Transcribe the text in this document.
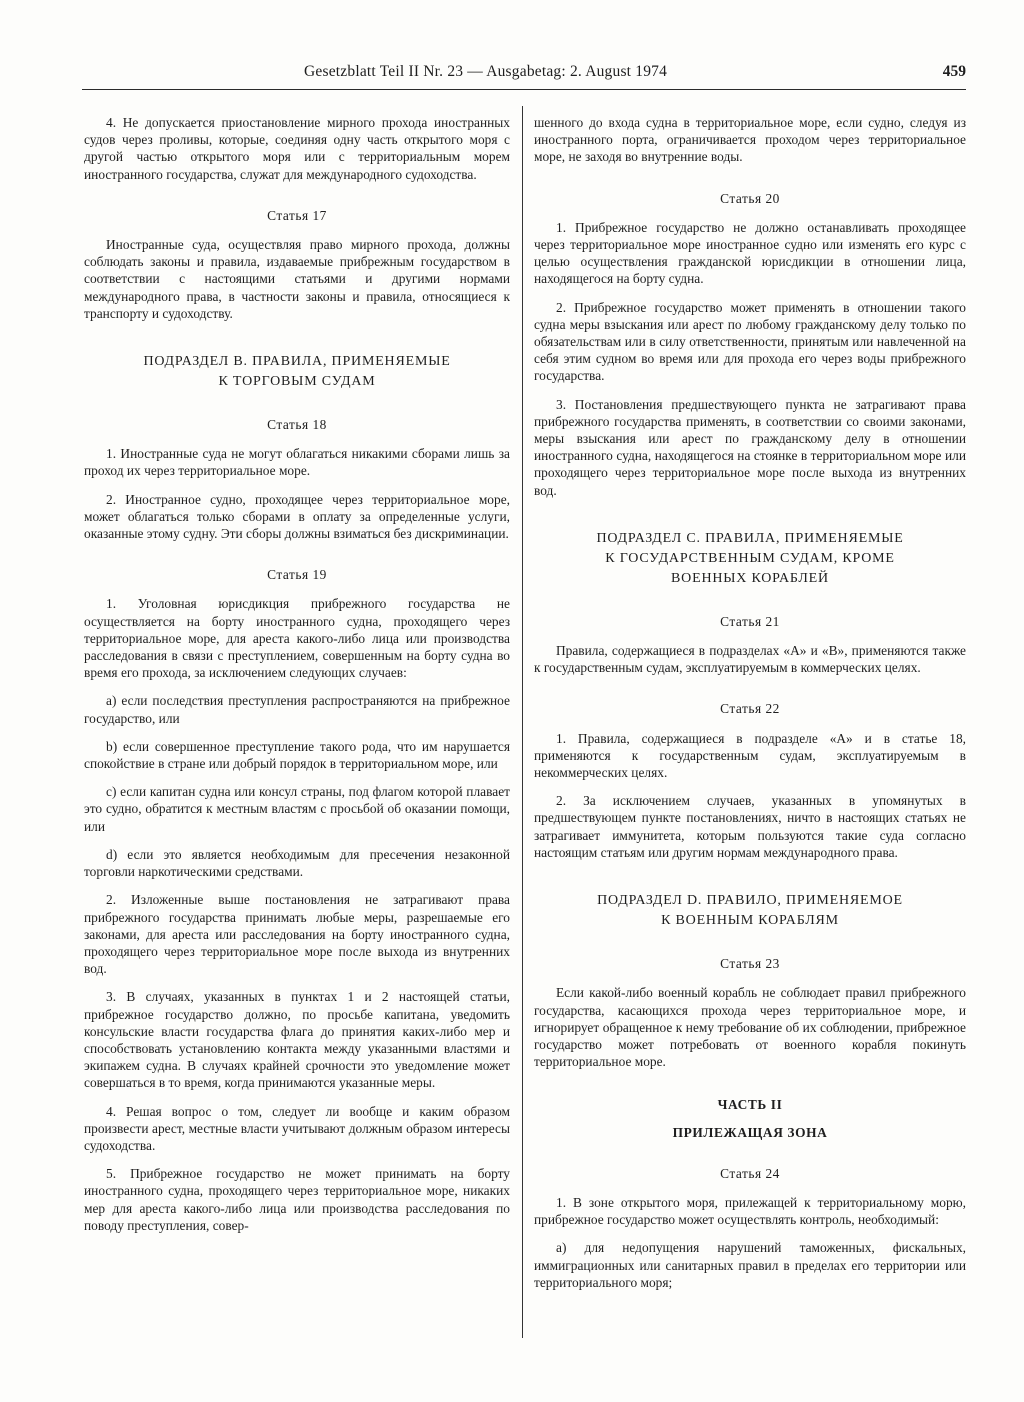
Gesetzblatt Teil II Nr. 23 — Ausgabetag: 2. August 1974	459

4. Не допускается приостановление мирного прохода иностранных судов через проливы, которые, соединяя одну часть открытого моря с другой частью открытого моря или с территориальным морем иностранного государства, служат для международного судоходства.

Статья 17

Иностранные суда, осуществляя право мирного прохода, должны соблюдать законы и правила, издаваемые прибрежным государством в соответствии с настоящими статьями и другими нормами международного права, в частности законы и правила, относящиеся к транспорту и судоходству.

ПОДРАЗДЕЛ B. ПРАВИЛА, ПРИМЕНЯЕМЫЕ
К ТОРГОВЫМ СУДАМ
Статья 18

1. Иностранные суда не могут облагаться никакими сборами лишь за проход их через территориальное море.

2. Иностранное судно, проходящее через территориальное море, может облагаться только сборами в оплату за определенные услуги, оказанные этому судну. Эти сборы должны взиматься без дискриминации.

Статья 19

1. Уголовная юрисдикция прибрежного государства не осуществляется на борту иностранного судна, проходящего через территориальное море, для ареста какого-либо лица или производства расследования в связи с преступлением, совершенным на борту судна во время его прохода, за исключением следующих случаев:

a) если последствия преступления распространяются на прибрежное государство, или

b) если совершенное преступление такого рода, что им нарушается спокойствие в стране или добрый порядок в территориальном море, или

c) если капитан судна или консул страны, под флагом которой плавает это судно, обратится к местным властям с просьбой об оказании помощи, или

d) если это является необходимым для пресечения незаконной торговли наркотическими средствами.

2. Изложенные выше постановления не затрагивают права прибрежного государства принимать любые меры, разрешаемые его законами, для ареста или расследования на борту иностранного судна, проходящего через территориальное море после выхода из внутренних вод.

3. В случаях, указанных в пунктах 1 и 2 настоящей статьи, прибрежное государство должно, по просьбе капитана, уведомить консульские власти государства флага до принятия каких-либо мер и способствовать установлению контакта между указанными властями и экипажем судна. В случаях крайней срочности это уведомление может совершаться в то время, когда принимаются указанные меры.

4. Решая вопрос о том, следует ли вообще и каким образом произвести арест, местные власти учитывают должным образом интересы судоходства.

5. Прибрежное государство не может принимать на борту иностранного судна, проходящего через территориальное море, никаких мер для ареста какого-либо лица или производства расследования по поводу преступления, совер-

шенного до входа судна в территориальное море, если судно, следуя из иностранного порта, ограничивается проходом через территориальное море, не заходя во внутренние воды.

Статья 20

1. Прибрежное государство не должно останавливать проходящее через территориальное море иностранное судно или изменять его курс с целью осуществления гражданской юрисдикции в отношении лица, находящегося на борту судна.

2. Прибрежное государство может применять в отношении такого судна меры взыскания или арест по любому гражданскому делу только по обязательствам или в силу ответственности, принятым или навлеченной на себя этим судном во время или для прохода его через воды прибрежного государства.

3. Постановления предшествующего пункта не затрагивают права прибрежного государства применять, в соответствии со своими законами, меры взыскания или арест по гражданскому делу в отношении иностранного судна, находящегося на стоянке в территориальном море или проходящего через территориальное море после выхода из внутренних вод.

ПОДРАЗДЕЛ C. ПРАВИЛА, ПРИМЕНЯЕМЫЕ
К ГОСУДАРСТВЕННЫМ СУДАМ, КРОМЕ
ВОЕННЫХ КОРАБЛЕЙ
Статья 21

Правила, содержащиеся в подразделах «A» и «B», применяются также к государственным судам, эксплуатируемым в коммерческих целях.

Статья 22

1. Правила, содержащиеся в подразделе «A» и в статье 18, применяются к государственным судам, эксплуатируемым в некоммерческих целях.

2. За исключением случаев, указанных в упомянутых в предшествующем пункте постановлениях, ничто в настоящих статьях не затрагивает иммунитета, которым пользуются такие суда согласно настоящим статьям или другим нормам международного права.

ПОДРАЗДЕЛ D. ПРАВИЛО, ПРИМЕНЯЕМОЕ
К ВОЕННЫМ КОРАБЛЯМ
Статья 23

Если какой-либо военный корабль не соблюдает правил прибрежного государства, касающихся прохода через территориальное море, и игнорирует обращенное к нему требование об их соблюдении, прибрежное государство может потребовать от военного корабля покинуть территориальное море.

ЧАСТЬ II
ПРИЛЕЖАЩАЯ ЗОНА
Статья 24

1. В зоне открытого моря, прилежащей к территориальному морю, прибрежное государство может осуществлять контроль, необходимый:

a) для недопущения нарушений таможенных, фискальных, иммиграционных или санитарных правил в пределах его территории или территориального моря;
